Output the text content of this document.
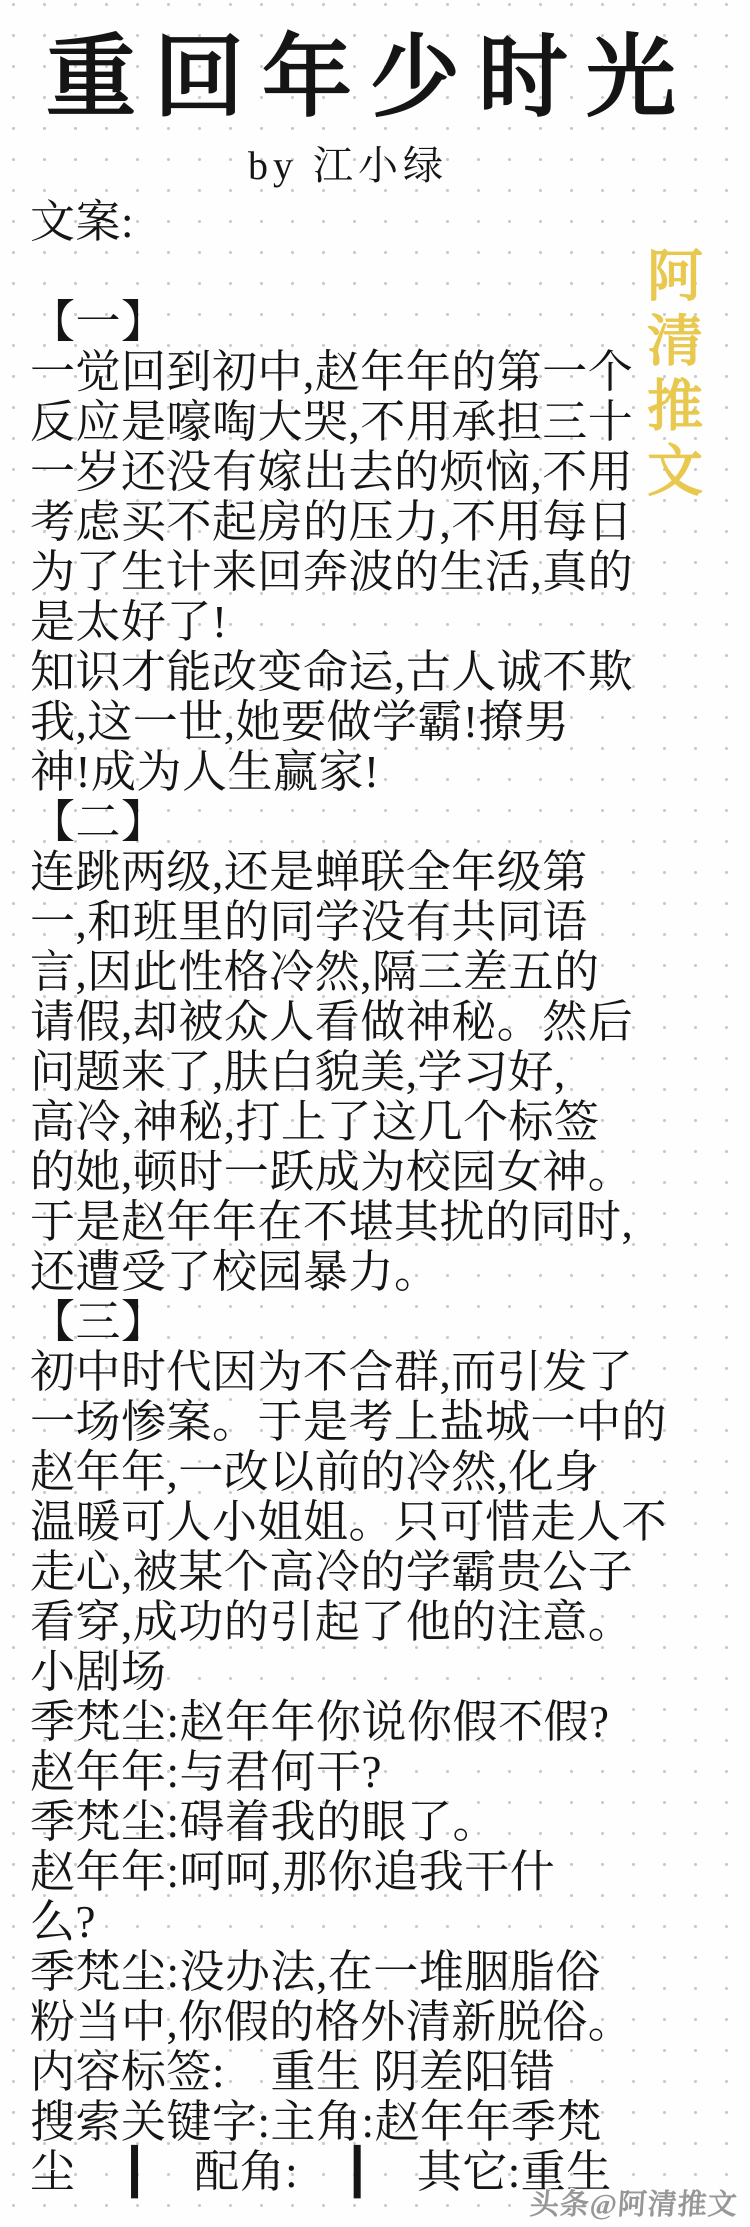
重回年少时光
by 江小绿
阿清推文
文案:
【一】
一觉回到初中,赵年年的第一个
反应是嚎啕大哭,不用承担三十
一岁还没有嫁出去的烦恼,不用
考虑买不起房的压力,不用每日
为了生计来回奔波的生活,真的
是太好了!
知识才能改变命运,古人诚不欺
我,这一世,她要做学霸!撩男
神!成为人生赢家!
【二】
连跳两级,还是蝉联全年级第
一,和班里的同学没有共同语
言,因此性格冷然,隔三差五的
请假,却被众人看做神秘。然后
问题来了,肤白貌美,学习好,
高冷,神秘,打上了这几个标签
的她,顿时一跃成为校园女神。
于是赵年年在不堪其扰的同时,
还遭受了校园暴力。
【三】
初中时代因为不合群,而引发了
一场惨案。于是考上盐城一中的
赵年年,一改以前的冷然,化身
温暖可人小姐姐。只可惜走人不
走心,被某个高冷的学霸贵公子
看穿,成功的引起了他的注意。
小剧场
季梵尘:赵年年你说你假不假?
赵年年:与君何干?
季梵尘:碍着我的眼了。
赵年年:呵呵,那你追我干什
么?
季梵尘:没办法,在一堆胭脂俗
粉当中,你假的格外清新脱俗。
内容标签:　重生 阴差阳错
搜索关键字:主角:赵年年季梵
尘　┃　配角:　┃　其它:重生
头条@阿清推文
